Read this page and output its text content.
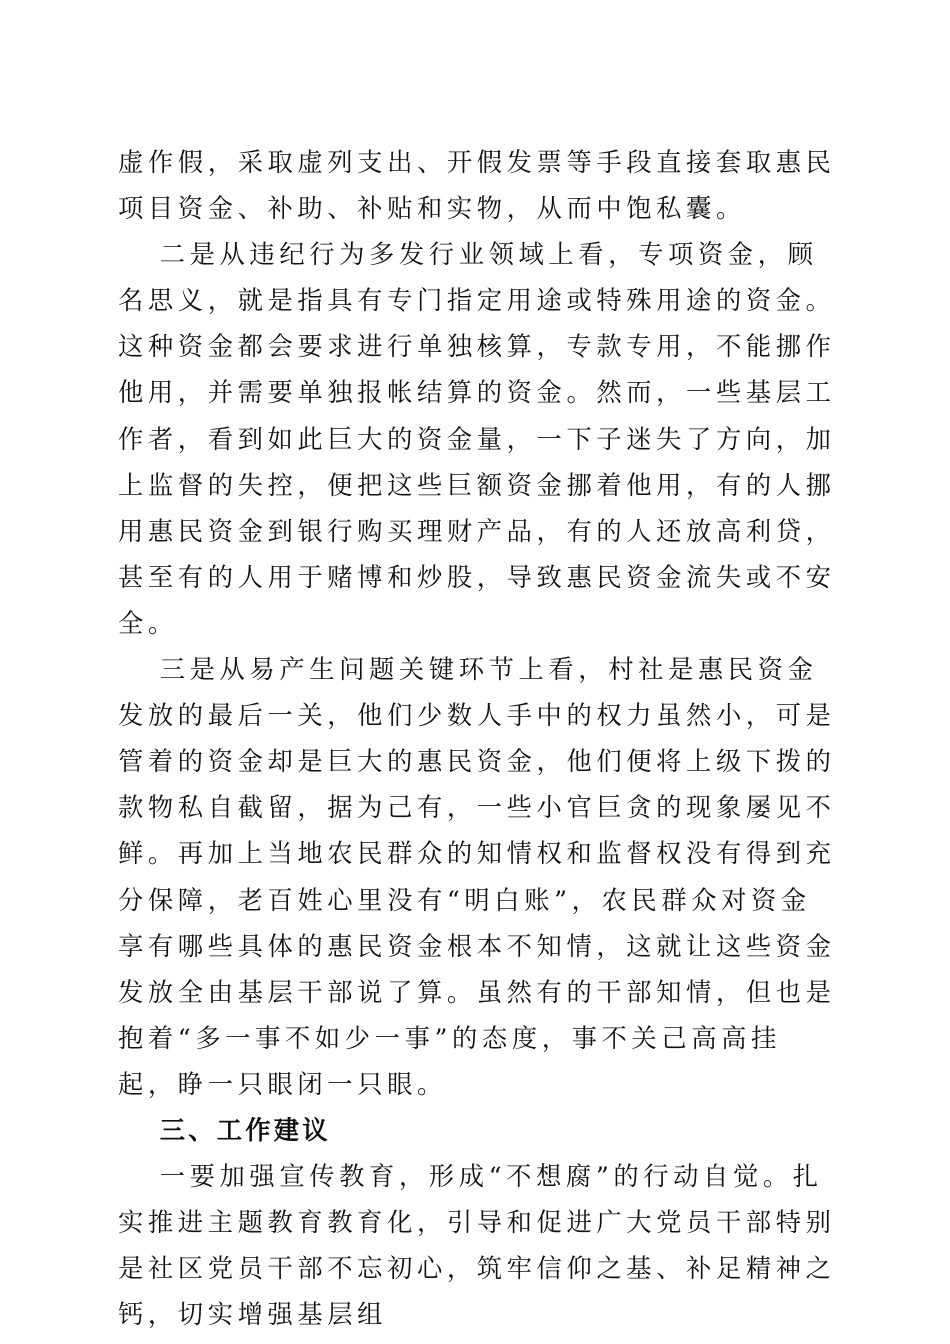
虚作假，采取虚列支出、开假发票等手段直接套取惠民项目资金、补助、补贴和实物，从而中饱私囊。

二是从违纪行为多发行业领域上看，专项资金，顾名思义，就是指具有专门指定用途或特殊用途的资金。这种资金都会要求进行单独核算，专款专用，不能挪作他用，并需要单独报帐结算的资金。然而，一些基层工作者，看到如此巨大的资金量，一下子迷失了方向，加上监督的失控，便把这些巨额资金挪着他用，有的人挪用惠民资金到银行购买理财产品，有的人还放高利贷，甚至有的人用于赌博和炒股，导致惠民资金流失或不安全。

三是从易产生问题关键环节上看，村社是惠民资金发放的最后一关，他们少数人手中的权力虽然小，可是管着的资金却是巨大的惠民资金，他们便将上级下拨的款物私自截留，据为己有，一些小官巨贪的现象屡见不鲜。再加上当地农民群众的知情权和监督权没有得到充分保障，老百姓心里没有“明白账”，农民群众对资金享有哪些具体的惠民资金根本不知情，这就让这些资金发放全由基层干部说了算。虽然有的干部知情，但也是抱着“多一事不如少一事”的态度，事不关己高高挂起，睁一只眼闭一只眼。

三、工作建议

一要加强宣传教育，形成“不想腐”的行动自觉。扎实推进主题教育教育化，引导和促进广大党员干部特别是社区党员干部不忘初心，筑牢信仰之基、补足精神之钙，切实增强基层组
